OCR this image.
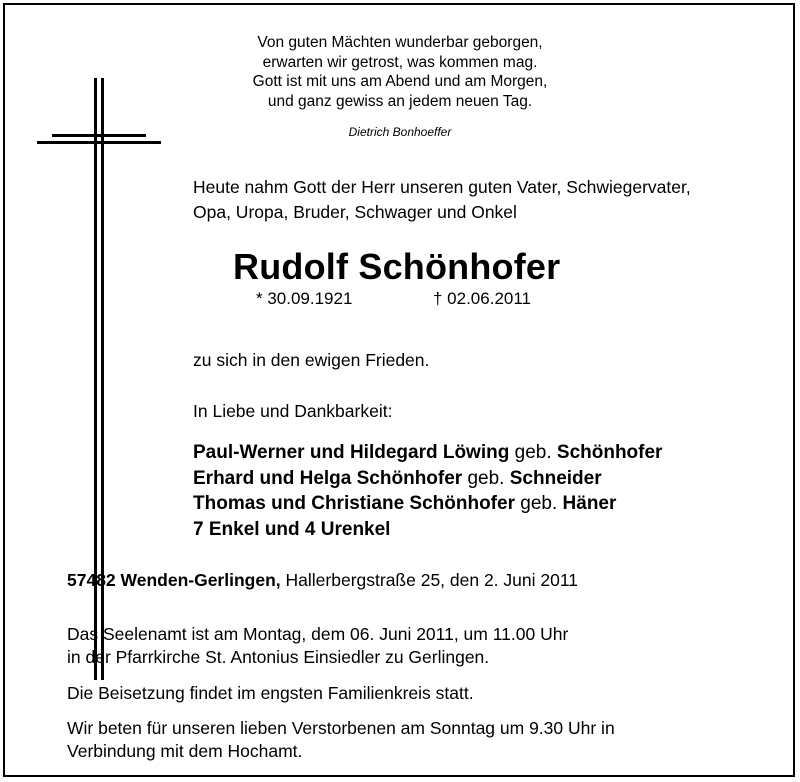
Von guten Mächten wunderbar geborgen,
erwarten wir getrost, was kommen mag.
Gott ist mit uns am Abend und am Morgen,
und ganz gewiss an jedem neuen Tag.
Dietrich Bonhoeffer
Heute nahm Gott der Herr unseren guten Vater, Schwiegervater,
Opa, Uropa, Bruder, Schwager und Onkel
Rudolf Schönhofer
* 30.09.1921	† 02.06.2011
zu sich in den ewigen Frieden.
In Liebe und Dankbarkeit:
Paul-Werner und Hildegard Löwing geb. Schönhofer
Erhard und Helga Schönhofer geb. Schneider
Thomas und Christiane Schönhofer geb. Häner
7 Enkel und 4 Urenkel
57482 Wenden-Gerlingen, Hallerbergstraße 25, den 2. Juni 2011
Das Seelenamt ist am Montag, dem 06. Juni 2011, um 11.00 Uhr
in der Pfarrkirche St. Antonius Einsiedler zu Gerlingen.
Die Beisetzung findet im engsten Familienkreis statt.
Wir beten für unseren lieben Verstorbenen am Sonntag um 9.30 Uhr in
Verbindung mit dem Hochamt.
